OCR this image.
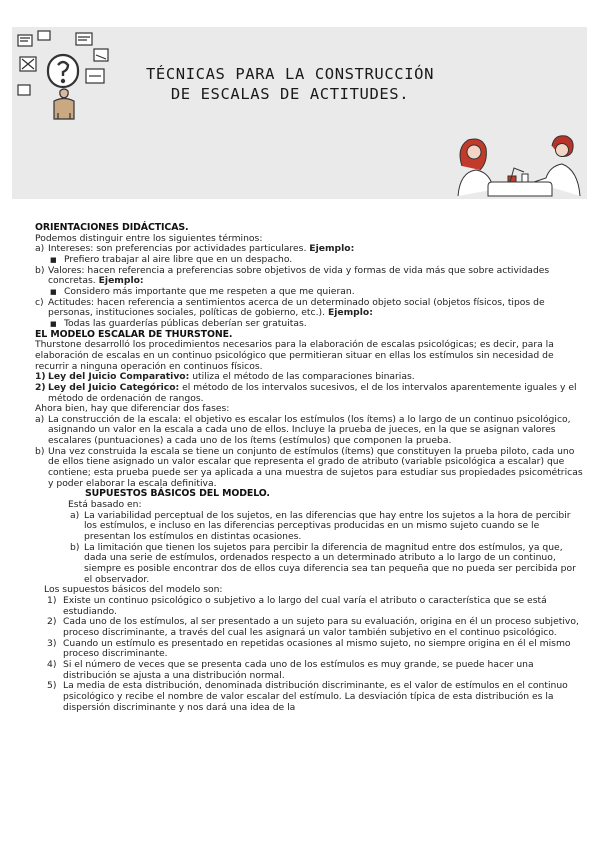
TÉCNICAS PARA LA CONSTRUCCIÓN
DE ESCALAS DE ACTITUDES.

ORIENTACIONES DIDÁCTICAS.

Podemos distinguir entre los siguientes términos:

a) Intereses: son preferencias por actividades particulares. Ejemplo:
■ Prefiero trabajar al aire libre que en un despacho.
b) Valores: hacen referencia a preferencias sobre objetivos de vida y formas de vida más que sobre actividades concretas. Ejemplo:
■ Considero más importante que me respeten a que me quieran.
c) Actitudes: hacen referencia a sentimientos acerca de un determinado objeto social (objetos físicos, tipos de personas, instituciones sociales, políticas de gobierno, etc.). Ejemplo:
■ Todas las guarderías públicas deberían ser gratuitas.

EL MODELO ESCALAR DE THURSTONE.

Thurstone desarrolló los procedimientos necesarios para la elaboración de escalas psicológicas; es decir, para la elaboración de escalas en un continuo psicológico que permitieran situar en ellas los estímulos sin necesidad de recurrir a ninguna operación en continuos físicos.

1) Ley del Juicio Comparativo: utiliza el método de las comparaciones binarias.
2) Ley del Juicio Categórico: el método de los intervalos sucesivos, el de los intervalos aparentemente iguales y el método de ordenación de rangos.

Ahora bien, hay que diferenciar dos fases:

a) La construcción de la escala: el objetivo es escalar los estímulos (los ítems) a lo largo de un continuo psicológico, asignando un valor en la escala a cada uno de ellos. Incluye la prueba de jueces, en la que se asignan valores escalares (puntuaciones) a cada uno de los ítems (estímulos) que componen la prueba.
b) Una vez construida la escala se tiene un conjunto de estímulos (ítems) que constituyen la prueba piloto, cada uno de ellos tiene asignado un valor escalar que representa el grado de atributo (variable psicológica a escalar) que contiene; esta prueba puede ser ya aplicada a una muestra de sujetos para estudiar sus propiedades psicométricas y poder elaborar la escala definitiva.

SUPUESTOS BÁSICOS DEL MODELO.

Está basado en:

a) La variabilidad perceptual de los sujetos, en las diferencias que hay entre los sujetos a la hora de percibir los estímulos, e incluso en las diferencias perceptivas producidas en un mismo sujeto cuando se le presentan los estímulos en distintas ocasiones.
b) La limitación que tienen los sujetos para percibir la diferencia de magnitud entre dos estímulos, ya que, dada una serie de estímulos, ordenados respecto a un determinado atributo a lo largo de un continuo, siempre es posible encontrar dos de ellos cuya diferencia sea tan pequeña que no pueda ser percibida por el observador.

Los supuestos básicos del modelo son:

1) Existe un continuo psicológico o subjetivo a lo largo del cual varía el atributo o característica que se está estudiando.
2) Cada uno de los estímulos, al ser presentado a un sujeto para su evaluación, origina en él un proceso subjetivo, proceso discriminante, a través del cual les asignará un valor también subjetivo en el continuo psicológico.
3) Cuando un estímulo es presentado en repetidas ocasiones al mismo sujeto, no siempre origina en él el mismo proceso discriminante.
4) Si el número de veces que se presenta cada uno de los estímulos es muy grande, se puede hacer una distribución se ajusta a una distribución normal.
5) La media de esta distribución, denominada distribución discriminante, es el valor de estímulos en el continuo psicológico y recibe el nombre de valor escalar del estímulo. La desviación típica de esta distribución es la dispersión discriminante y nos dará una idea de la
